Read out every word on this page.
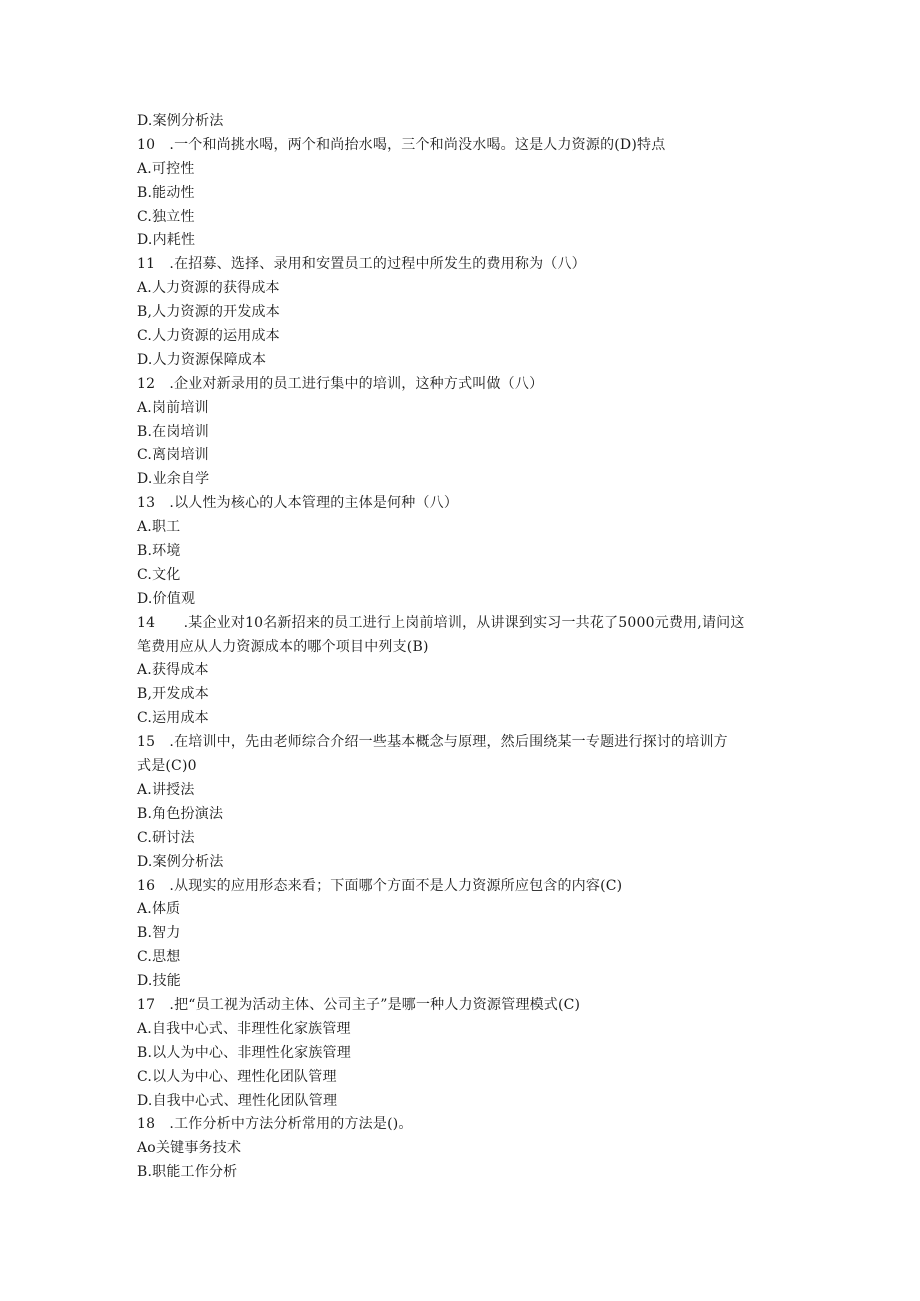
D.案例分析法
10　.一个和尚挑水喝，两个和尚抬水喝，三个和尚没水喝。这是人力资源的(D)特点
A.可控性
B.能动性
C.独立性
D.内耗性
11　.在招募、选择、录用和安置员工的过程中所发生的费用称为（八）
A.人力资源的获得成本
B,人力资源的开发成本
C.人力资源的运用成本
D.人力资源保障成本
12　.企业对新录用的员工进行集中的培训，这种方式叫做（八）
A.岗前培训
B.在岗培训
C.离岗培训
D.业余自学
13　.以人性为核心的人本管理的主体是何种（八）
A.职工
B.环境
C.文化
D.价值观
14　　.某企业对10名新招来的员工进行上岗前培训，从讲课到实习一共花了5000元费用,请问这
笔费用应从人力资源成本的哪个项目中列支(B)
A.获得成本
B,开发成本
C.运用成本
15　.在培训中，先由老师综合介绍一些基本概念与原理，然后围绕某一专题进行探讨的培训方
式是(C)0
A.讲授法
B.角色扮演法
C.研讨法
D.案例分析法
16　.从现实的应用形态来看；下面哪个方面不是人力资源所应包含的内容(C)
A.体质
B.智力
C.思想
D.技能
17　.把“员工视为活动主体、公司主子”是哪一种人力资源管理模式(C)
A.自我中心式、非理性化家族管理
B.以人为中心、非理性化家族管理
C.以人为中心、理性化团队管理
D.自我中心式、理性化团队管理
18　.工作分析中方法分析常用的方法是()。
Ao关键事务技术
B.职能工作分析
